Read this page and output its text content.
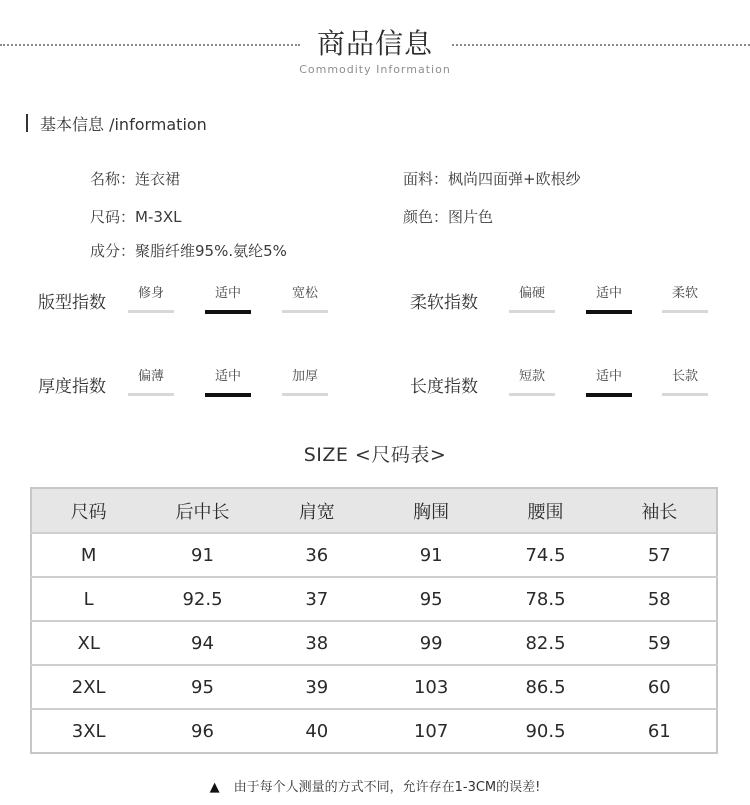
商品信息
Commodity Information
基本信息 /information
名称：连衣裙	面料：枫尚四面弹+欧根纱
尺码：M-3XL	颜色：图片色
成分：聚脂纤维95%.氨纶5%
版型指数	修身	适中	宽松	柔软指数	偏硬	适中	柔软
厚度指数
偏薄	适中	加厚
长度指数
短款	适中	长款
SIZE <尺码表>
尺码	后中长	肩宽	胸围	腰围	袖长
M	91	36	91	74.5	57
L	92.5	37	95	78.5	58
XL	94	38	99	82.5	59
2XL	95	39	103	86.5	60
3XL	96	40	107	90.5	61
▲ 由于每个人测量的方式不同，允许存在1-3CM的误差!
